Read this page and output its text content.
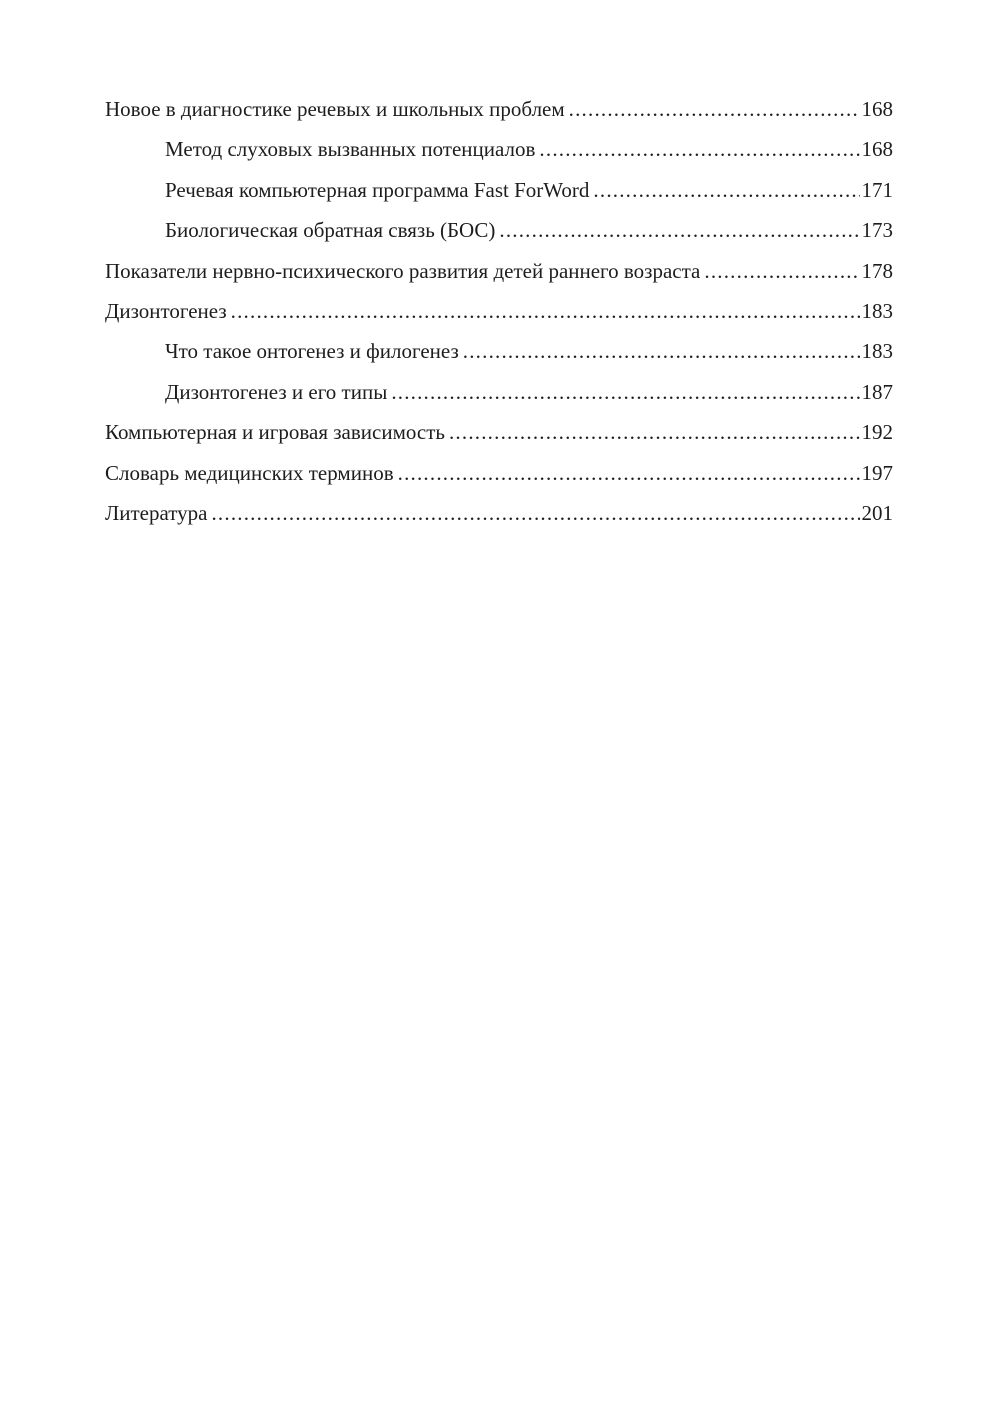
Новое в диагностике речевых и школьных проблем .....	168
Метод слуховых вызванных потенциалов .....	168
Речевая компьютерная программа Fast ForWord .....	171
Биологическая обратная связь (БОС) .....	173
Показатели нервно-психического развития детей раннего возраста .....	178
Дизонтогенез .....	183
Что такое онтогенез и филогенез .....	183
Дизонтогенез и его типы .....	187
Компьютерная и игровая зависимость .....	192
Словарь медицинских терминов .....	197
Литература .....	201
